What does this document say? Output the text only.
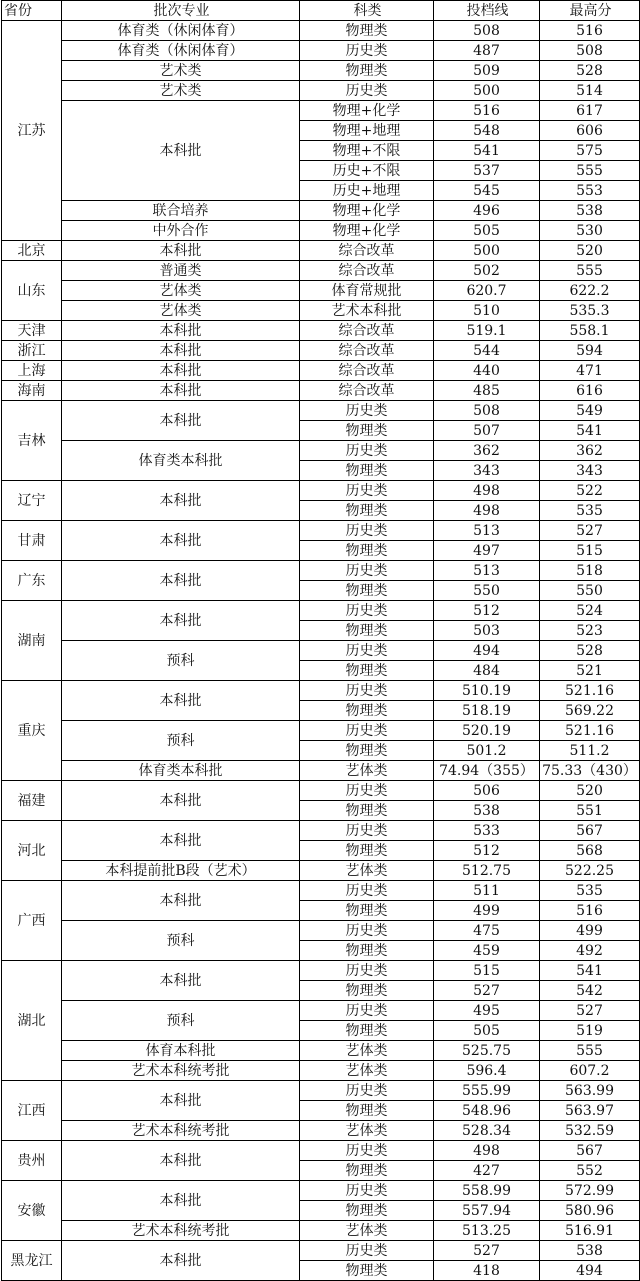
省份	批次专业	科类	投档线	最高分
江苏	体育类（休闲体育）	物理类	508	516
	体育类（休闲体育）	历史类	487	508
	艺术类	物理类	509	528
	艺术类	历史类	500	514
	本科批	物理+化学	516	617
		物理+地理	548	606
		物理+不限	541	575
		历史+不限	537	555
		历史+地理	545	553
	联合培养	物理+化学	496	538
	中外合作	物理+化学	505	530
北京	本科批	综合改革	500	520
山东	普通类	综合改革	502	555
	艺体类	体育常规批	620.7	622.2
	艺体类	艺术本科批	510	535.3
天津	本科批	综合改革	519.1	558.1
浙江	本科批	综合改革	544	594
上海	本科批	综合改革	440	471
海南	本科批	综合改革	485	616
吉林	本科批	历史类	508	549
		物理类	507	541
	体育类本科批	历史类	362	362
		物理类	343	343
辽宁	本科批	历史类	498	522
		物理类	498	535
甘肃	本科批	历史类	513	527
		物理类	497	515
广东	本科批	历史类	513	518
		物理类	550	550
湖南	本科批	历史类	512	524
		物理类	503	523
	预科	历史类	494	528
		物理类	484	521
重庆	本科批	历史类	510.19	521.16
		物理类	518.19	569.22
	预科	历史类	520.19	521.16
		物理类	501.2	511.2
	体育类本科批	艺体类	74.94（355）	75.33（430）
福建	本科批	历史类	506	520
		物理类	538	551
河北	本科批	历史类	533	567
		物理类	512	568
	本科提前批B段（艺术）	艺体类	512.75	522.25
广西	本科批	历史类	511	535
		物理类	499	516
	预科	历史类	475	499
		物理类	459	492
湖北	本科批	历史类	515	541
		物理类	527	542
	预科	历史类	495	527
		物理类	505	519
	体育本科批	艺体类	525.75	555
	艺术本科统考批	艺体类	596.4	607.2
江西	本科批	历史类	555.99	563.99
		物理类	548.96	563.97
	艺术本科统考批	艺体类	528.34	532.59
贵州	本科批	历史类	498	567
		物理类	427	552
安徽	本科批	历史类	558.99	572.99
		物理类	557.94	580.96
	艺术本科统考批	艺体类	513.25	516.91
黑龙江	本科批	历史类	527	538
		物理类	418	494
